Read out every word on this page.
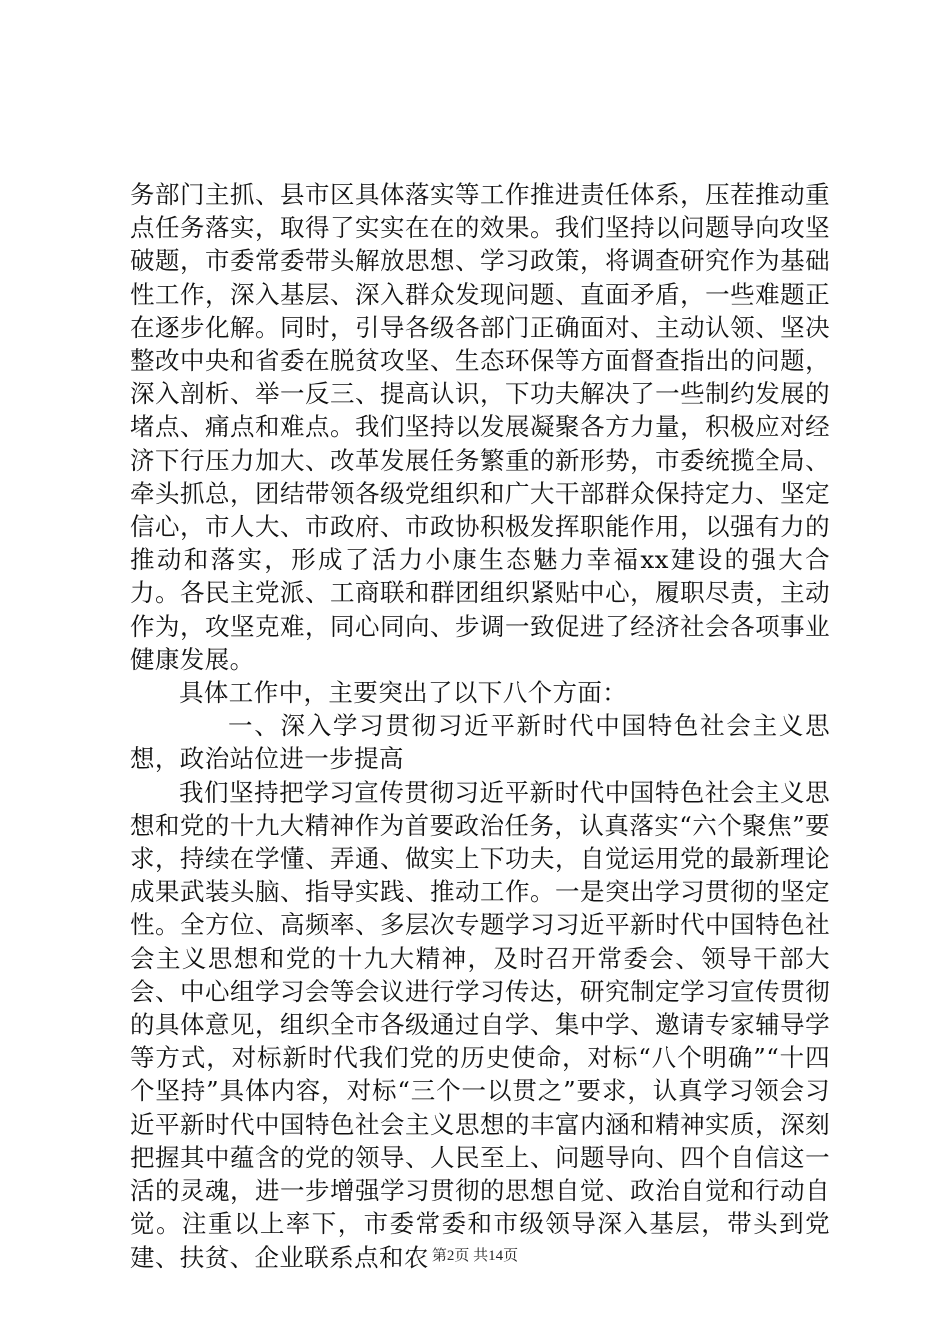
务部门主抓、县市区具体落实等工作推进责任体系，压茬推动重点任务落实，取得了实实在在的效果。我们坚持以问题导向攻坚破题，市委常委带头解放思想、学习政策，将调查研究作为基础性工作，深入基层、深入群众发现问题、直面矛盾，一些难题正在逐步化解。同时，引导各级各部门正确面对、主动认领、坚决整改中央和省委在脱贫攻坚、生态环保等方面督查指出的问题，深入剖析、举一反三、提高认识，下功夫解决了一些制约发展的堵点、痛点和难点。我们坚持以发展凝聚各方力量，积极应对经济下行压力加大、改革发展任务繁重的新形势，市委统揽全局、牵头抓总，团结带领各级党组织和广大干部群众保持定力、坚定信心，市人大、市政府、市政协积极发挥职能作用，以强有力的推动和落实，形成了活力小康生态魅力幸福xx建设的强大合力。各民主党派、工商联和群团组织紧贴中心，履职尽责，主动作为，攻坚克难，同心同向、步调一致促进了经济社会各项事业健康发展。

具体工作中，主要突出了以下八个方面：

一、深入学习贯彻习近平新时代中国特色社会主义思想，政治站位进一步提高

我们坚持把学习宣传贯彻习近平新时代中国特色社会主义思想和党的十九大精神作为首要政治任务，认真落实“六个聚焦”要求，持续在学懂、弄通、做实上下功夫，自觉运用党的最新理论成果武装头脑、指导实践、推动工作。一是突出学习贯彻的坚定性。全方位、高频率、多层次专题学习习近平新时代中国特色社会主义思想和党的十九大精神，及时召开常委会、领导干部大会、中心组学习会等会议进行学习传达，研究制定学习宣传贯彻的具体意见，组织全市各级通过自学、集中学、邀请专家辅导学等方式，对标新时代我们党的历史使命，对标“八个明确”“十四个坚持”具体内容，对标“三个一以贯之”要求，认真学习领会习近平新时代中国特色社会主义思想的丰富内涵和精神实质，深刻把握其中蕴含的党的领导、人民至上、问题导向、四个自信这一活的灵魂，进一步增强学习贯彻的思想自觉、政治自觉和行动自觉。注重以上率下，市委常委和市级领导深入基层，带头到党建、扶贫、企业联系点和农 第2页 共14页
